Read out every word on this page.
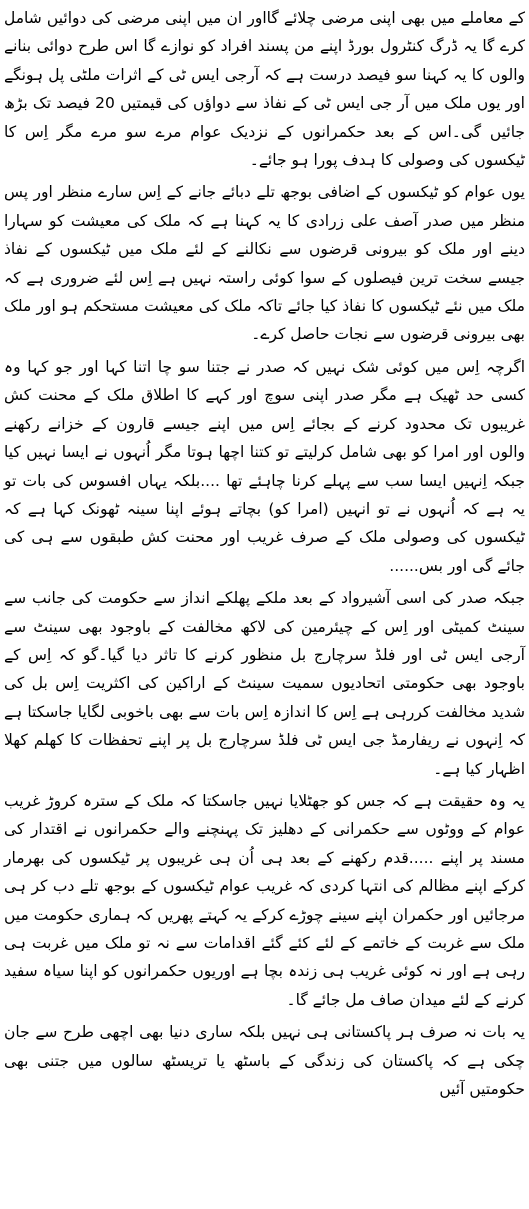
کے معاملے میں بھی اپنی مرضی چلائے گااور ان میں اپنی مرضی کی دوائیں شامل کرے گا یہ ڈرگ کنٹرول بورڈ اپنے من پسند افراد کو نوازے گا اس طرح دوائی بنانے والوں کا یہ کہنا سو فیصد درست ہے کہ آرجی ایس ٹی کے اثرات ملٹی پل ہونگے اور یوں ملک میں آر جی ایس ٹی کے نفاذ سے دواؤں کی قیمتیں 20 فیصد تک بڑھ جائیں گی۔اس کے بعد حکمرانوں کے نزدیک عوام مرے سو مرے مگر اِس کا ٹیکسوں کی وصولی کا ہدف پورا ہو جائے۔

یوں عوام کو ٹیکسوں کے اضافی بوجھ تلے دبائے جانے کے اِس سارے منظر اور پس منظر میں صدر آصف علی زرادی کا یہ کہنا ہے کہ ملک کی معیشت کو سہارا دینے اور ملک کو بیرونی قرضوں سے نکالنے کے لئے ملک میں ٹیکسوں کے نفاذ جیسے سخت ترین فیصلوں کے سوا کوئی راستہ نہیں ہے اِس لئے ضروری ہے کہ ملک میں نئے ٹیکسوں کا نفاذ کیا جائے تاکہ ملک کی معیشت مستحکم ہو اور ملک بھی بیرونی قرضوں سے نجات حاصل کرے۔

اگرچہ اِس میں کوئی شک نہیں کہ صدر نے جتنا سو چا اتنا کہا اور جو کہا وہ کسی حد ٹھیک ہے مگر صدر اپنی سوچ اور کہے کا اطلاق ملک کے محنت کش غریبوں تک محدود کرنے کے بجائے اِس میں اپنے جیسے قارون کے خزانے رکھنے والوں اور امرا کو بھی شامل کرلیتے تو کتنا اچھا ہوتا مگر اُنہوں نے ایسا نہیں کیا جبکہ اِنہیں ایسا سب سے پہلے کرنا چاہئے تھا ....بلکہ یہاں افسوس کی بات تو یہ ہے کہ اُنہوں نے تو انہیں (امرا کو) بچاتے ہوئے اپنا سینہ ٹھونک کہا ہے کہ ٹیکسوں کی وصولی ملک کے صرف غریب اور محنت کش طبقوں سے ہی کی جائے گی اور بس......

جبکہ صدر کی اسی آشیرواد کے بعد ملکے پھلکے انداز سے حکومت کی جانب سے سینٹ کمیٹی اور اِس کے چیئرمین کی لاکھ مخالفت کے باوجود بھی سینٹ سے آرجی ایس ٹی اور فلڈ سرچارج بل منظور کرنے کا تاثر دیا گیا۔گو کہ اِس کے باوجود بھی حکومتی اتحادیوں سمیت سینٹ کے اراکین کی اکثریت اِس بل کی شدید مخالفت کررہی ہے اِس کا اندازہ اِس بات سے بھی باخوبی لگایا جاسکتا ہے کہ اِنہوں نے ریفارمڈ جی ایس ٹی فلڈ سرچارج بل پر اپنے تحفظات کا کھلم کھلا اظہار کیا ہے۔

یہ وہ حقیقت ہے کہ جس کو جھٹلایا نہیں جاسکتا کہ ملک کے سترہ کروڑ غریب عوام کے ووٹوں سے حکمرانی کے دھلیز تک پہنچنے والے حکمرانوں نے اقتدار کی مسند پر اپنے .....قدم رکھنے کے بعد ہی اُن ہی غریبوں پر ٹیکسوں کی بھرمار کرکے اپنے مظالم کی انتہا کردی کہ غریب عوام ٹیکسوں کے بوجھ تلے دب کر ہی مرجائیں اور حکمران اپنے سینے چوڑے کرکے یہ کہتے پھریں کہ ہماری حکومت میں ملک سے غربت کے خاتمے کے لئے کئے گئے اقدامات سے نہ تو ملک میں غربت ہی رہی ہے اور نہ کوئی غریب ہی زندہ بچا ہے اوریوں حکمرانوں کو اپنا سیاہ سفید کرنے کے لئے میدان صاف مل جائے گا۔

یہ بات نہ صرف ہر پاکستانی ہی نہیں بلکہ ساری دنیا بھی اچھی طرح سے جان چکی ہے کہ پاکستان کی زندگی کے باسٹھ یا تریسٹھ سالوں میں جتنی بھی حکومتیں آئیں
